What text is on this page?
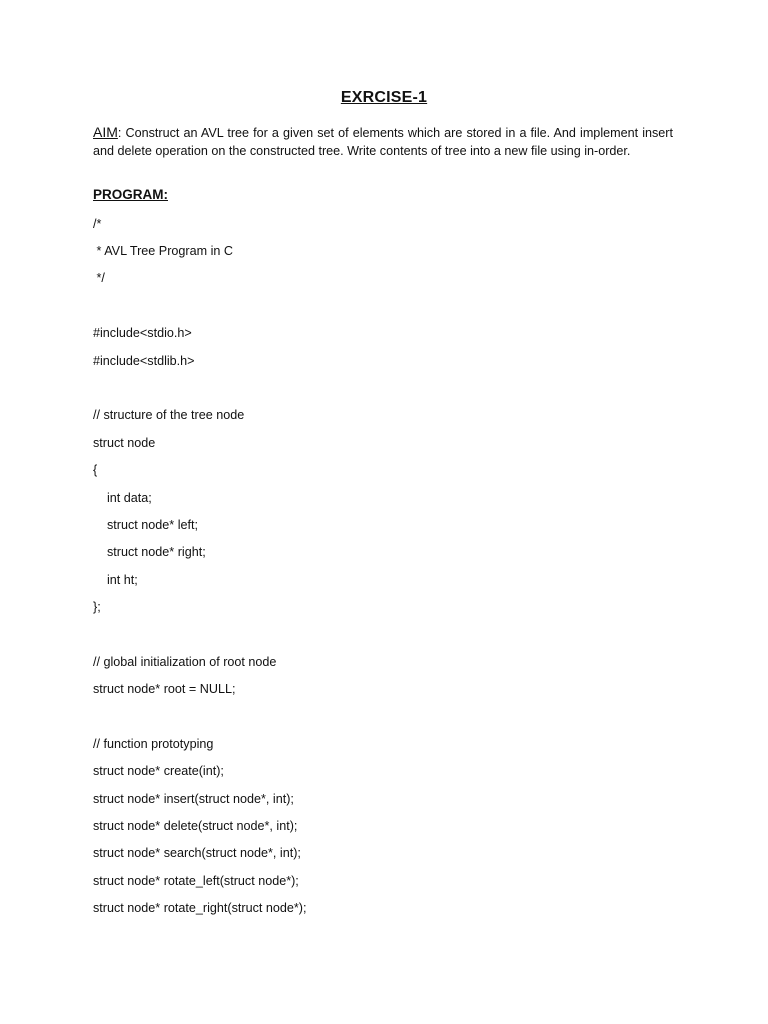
EXRCISE-1
AIM: Construct an AVL tree for a given set of elements which are stored in a file. And implement insert and delete operation on the constructed tree. Write contents of tree into a new file using in-order.
PROGRAM:
/*
* AVL Tree Program in C
*/
#include<stdio.h>
#include<stdlib.h>
// structure of the tree node
struct node
{
int data;
struct node* left;
struct node* right;
int ht;
};
// global initialization of root node
struct node* root = NULL;
// function prototyping
struct node* create(int);
struct node* insert(struct node*, int);
struct node* delete(struct node*, int);
struct node* search(struct node*, int);
struct node* rotate_left(struct node*);
struct node* rotate_right(struct node*);
